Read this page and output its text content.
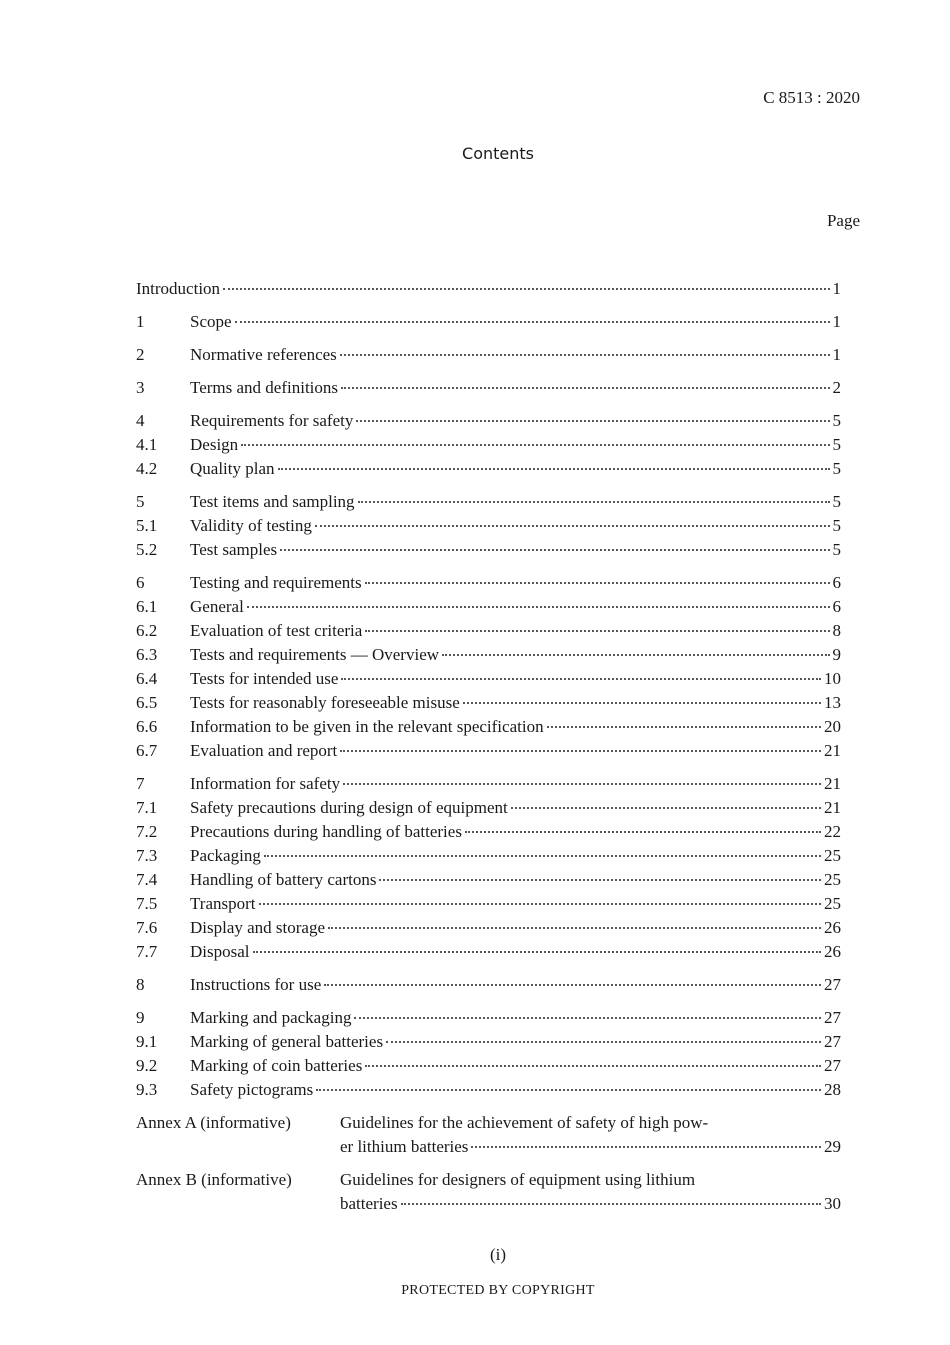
C 8513 : 2020
Contents
Page
Introduction	1
1	Scope	1
2	Normative references	1
3	Terms and definitions	2
4	Requirements for safety	5
4.1	Design	5
4.2	Quality plan	5
5	Test items and sampling	5
5.1	Validity of testing	5
5.2	Test samples	5
6	Testing and requirements	6
6.1	General	6
6.2	Evaluation of test criteria	8
6.3	Tests and requirements — Overview	9
6.4	Tests for intended use	10
6.5	Tests for reasonably foreseeable misuse	13
6.6	Information to be given in the relevant specification	20
6.7	Evaluation and report	21
7	Information for safety	21
7.1	Safety precautions during design of equipment	21
7.2	Precautions during handling of batteries	22
7.3	Packaging	25
7.4	Handling of battery cartons	25
7.5	Transport	25
7.6	Display and storage	26
7.7	Disposal	26
8	Instructions for use	27
9	Marking and packaging	27
9.1	Marking of general batteries	27
9.2	Marking of coin batteries	27
9.3	Safety pictograms	28
Annex A (informative)	Guidelines for the achievement of safety of high pow-
er lithium batteries	29
Annex B (informative)	Guidelines for designers of equipment using lithium
batteries	30
(i)
PROTECTED BY COPYRIGHT
